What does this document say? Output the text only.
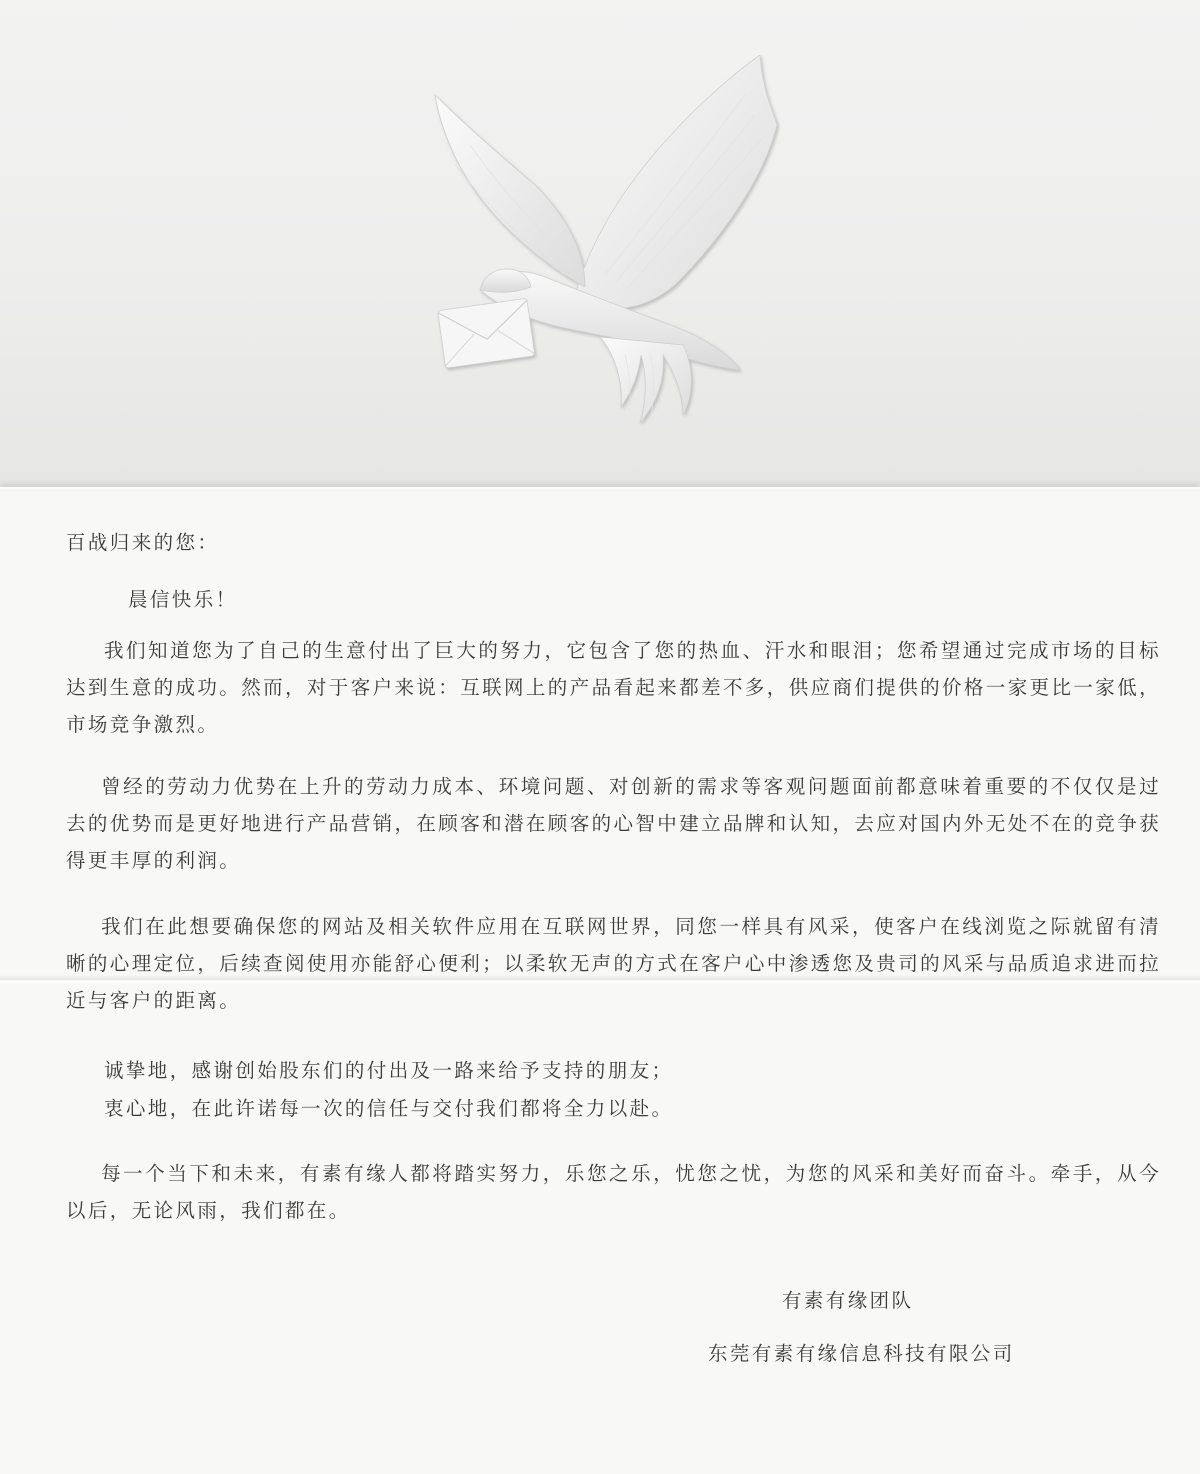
百战归来的您：

晨信快乐！

我们知道您为了自己的生意付出了巨大的努力，它包含了您的热血、汗水和眼泪；您希望通过完成市场的目标达到生意的成功。然而，对于客户来说：互联网上的产品看起来都差不多，供应商们提供的价格一家更比一家低，市场竞争激烈。

曾经的劳动力优势在上升的劳动力成本、环境问题、对创新的需求等客观问题面前都意味着重要的不仅仅是过去的优势而是更好地进行产品营销，在顾客和潜在顾客的心智中建立品牌和认知，去应对国内外无处不在的竞争获得更丰厚的利润。

我们在此想要确保您的网站及相关软件应用在互联网世界，同您一样具有风采，使客户在线浏览之际就留有清晰的心理定位，后续查阅使用亦能舒心便利；以柔软无声的方式在客户心中渗透您及贵司的风采与品质追求进而拉近与客户的距离。

诚挚地，感谢创始股东们的付出及一路来给予支持的朋友；

衷心地，在此许诺每一次的信任与交付我们都将全力以赴。

每一个当下和未来，有素有缘人都将踏实努力，乐您之乐，忧您之忧，为您的风采和美好而奋斗。牵手，从今以后，无论风雨，我们都在。

有素有缘团队

东莞有素有缘信息科技有限公司
